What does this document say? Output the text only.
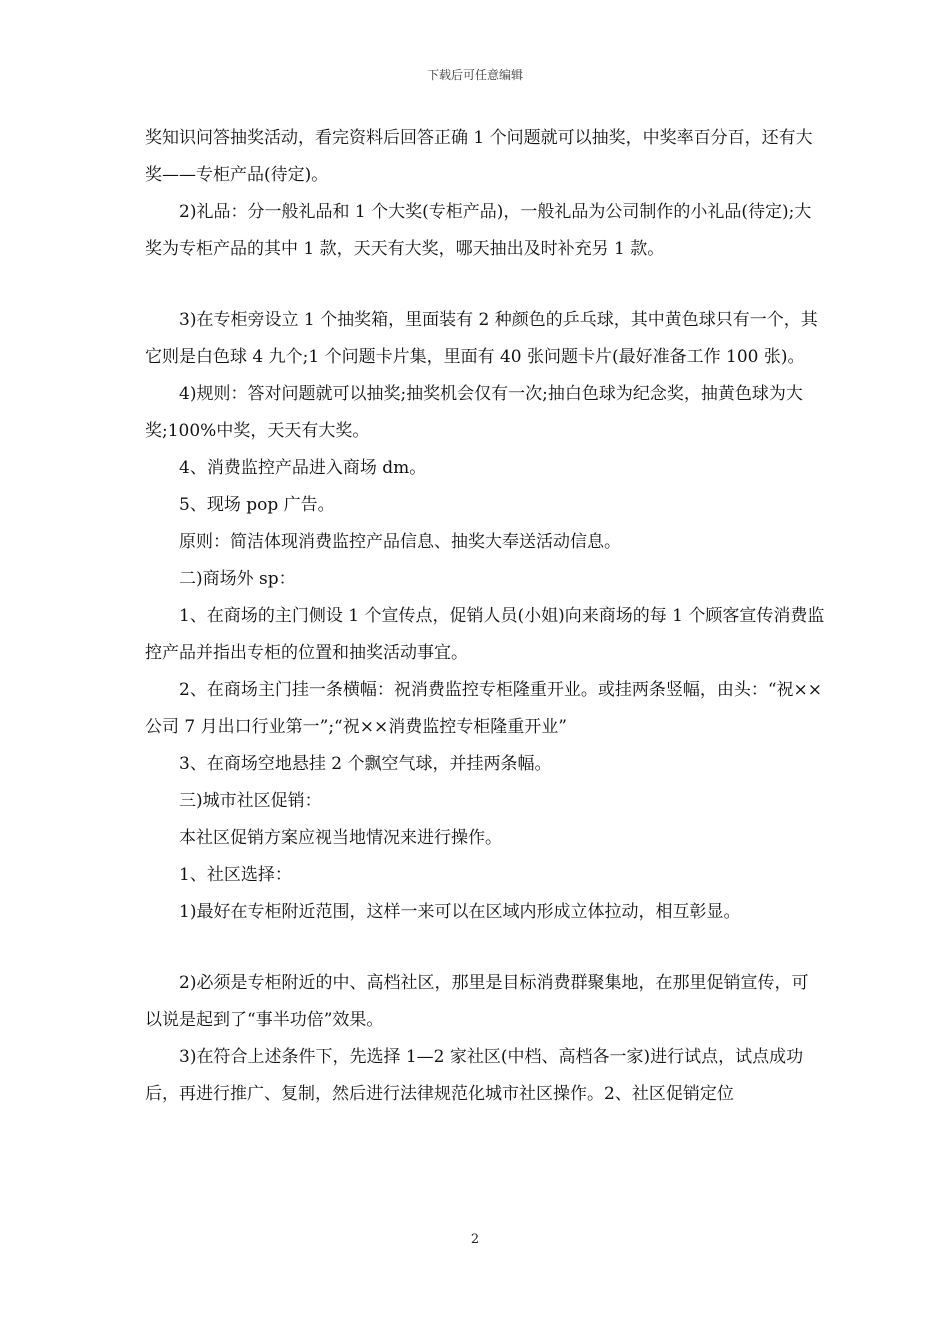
下载后可任意编辑

奖知识问答抽奖活动，看完资料后回答正确 1 个问题就可以抽奖，中奖率百分百，还有大奖——专柜产品(待定)。

2)礼品：分一般礼品和 1 个大奖(专柜产品)，一般礼品为公司制作的小礼品(待定);大奖为专柜产品的其中 1 款，天天有大奖，哪天抽出及时补充另 1 款。

3)在专柜旁设立 1 个抽奖箱，里面装有 2 种颜色的乒乓球，其中黄色球只有一个，其它则是白色球 4 九个;1 个问题卡片集，里面有 40 张问题卡片(最好准备工作 100 张)。

4)规则：答对问题就可以抽奖;抽奖机会仅有一次;抽白色球为纪念奖，抽黄色球为大奖;100%中奖，天天有大奖。

4、消费监控产品进入商场 dm。

5、现场 pop 广告。

原则：简洁体现消费监控产品信息、抽奖大奉送活动信息。

二)商场外 sp：

1、在商场的主门侧设 1 个宣传点，促销人员(小姐)向来商场的每 1 个顾客宣传消费监控产品并指出专柜的位置和抽奖活动事宜。

2、在商场主门挂一条横幅：祝消费监控专柜隆重开业。或挂两条竖幅，由头：“祝××公司 7 月出口行业第一”;“祝××消费监控专柜隆重开业”

3、在商场空地悬挂 2 个飘空气球，并挂两条幅。

三)城市社区促销：

本社区促销方案应视当地情况来进行操作。

1、社区选择：

1)最好在专柜附近范围，这样一来可以在区域内形成立体拉动，相互彰显。

2)必须是专柜附近的中、高档社区，那里是目标消费群聚集地，在那里促销宣传，可以说是起到了“事半功倍”效果。

3)在符合上述条件下，先选择 1—2 家社区(中档、高档各一家)进行试点，试点成功后，再进行推广、复制，然后进行法律规范化城市社区操作。2、社区促销定位

2
